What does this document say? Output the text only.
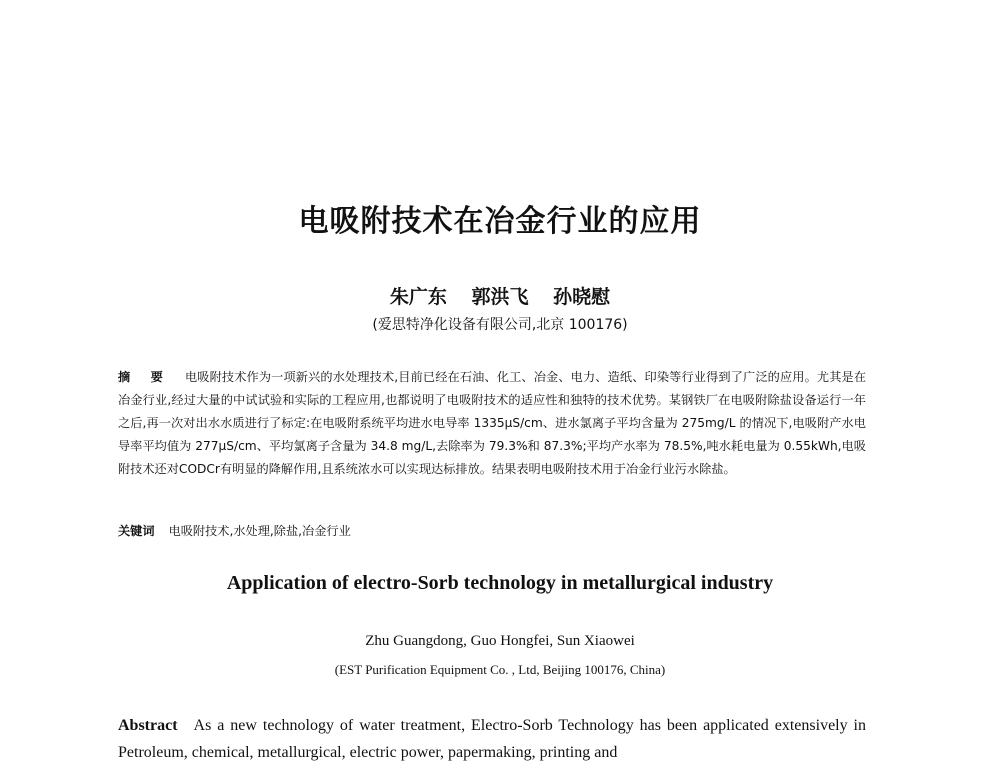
电吸附技术在冶金行业的应用
朱广东 郭洪飞 孙晓慰
(爱思特净化设备有限公司,北京 100176)
摘 要 电吸附技术作为一项新兴的水处理技术,目前已经在石油、化工、冶金、电力、造纸、印染等行业得到了广泛的应用。尤其是在冶金行业,经过大量的中试试验和实际的工程应用,也都说明了电吸附技术的适应性和独特的技术优势。某钢铁厂在电吸附除盐设备运行一年之后,再一次对出水水质进行了标定:在电吸附系统平均进水电导率 1335μS/cm、进水氯离子平均含量为 275mg/L 的情况下,电吸附产水电导率平均值为 277μS/cm、平均氯离子含量为 34.8 mg/L,去除率为 79.3%和 87.3%;平均产水率为 78.5%,吨水耗电量为 0.55kWh,电吸附技术还对CODCr有明显的降解作用,且系统浓水可以实现达标排放。结果表明电吸附技术用于冶金行业污水除盐。
关键词 电吸附技术,水处理,除盐,冶金行业
Application of electro-Sorb technology in metallurgical industry
Zhu Guangdong, Guo Hongfei, Sun Xiaowei
(EST Purification Equipment Co. , Ltd, Beijing 100176, China)
Abstract As a new technology of water treatment, Electro-Sorb Technology has been applicated extensively in Petroleum, chemical, metallurgical, electric power, papermaking, printing and
